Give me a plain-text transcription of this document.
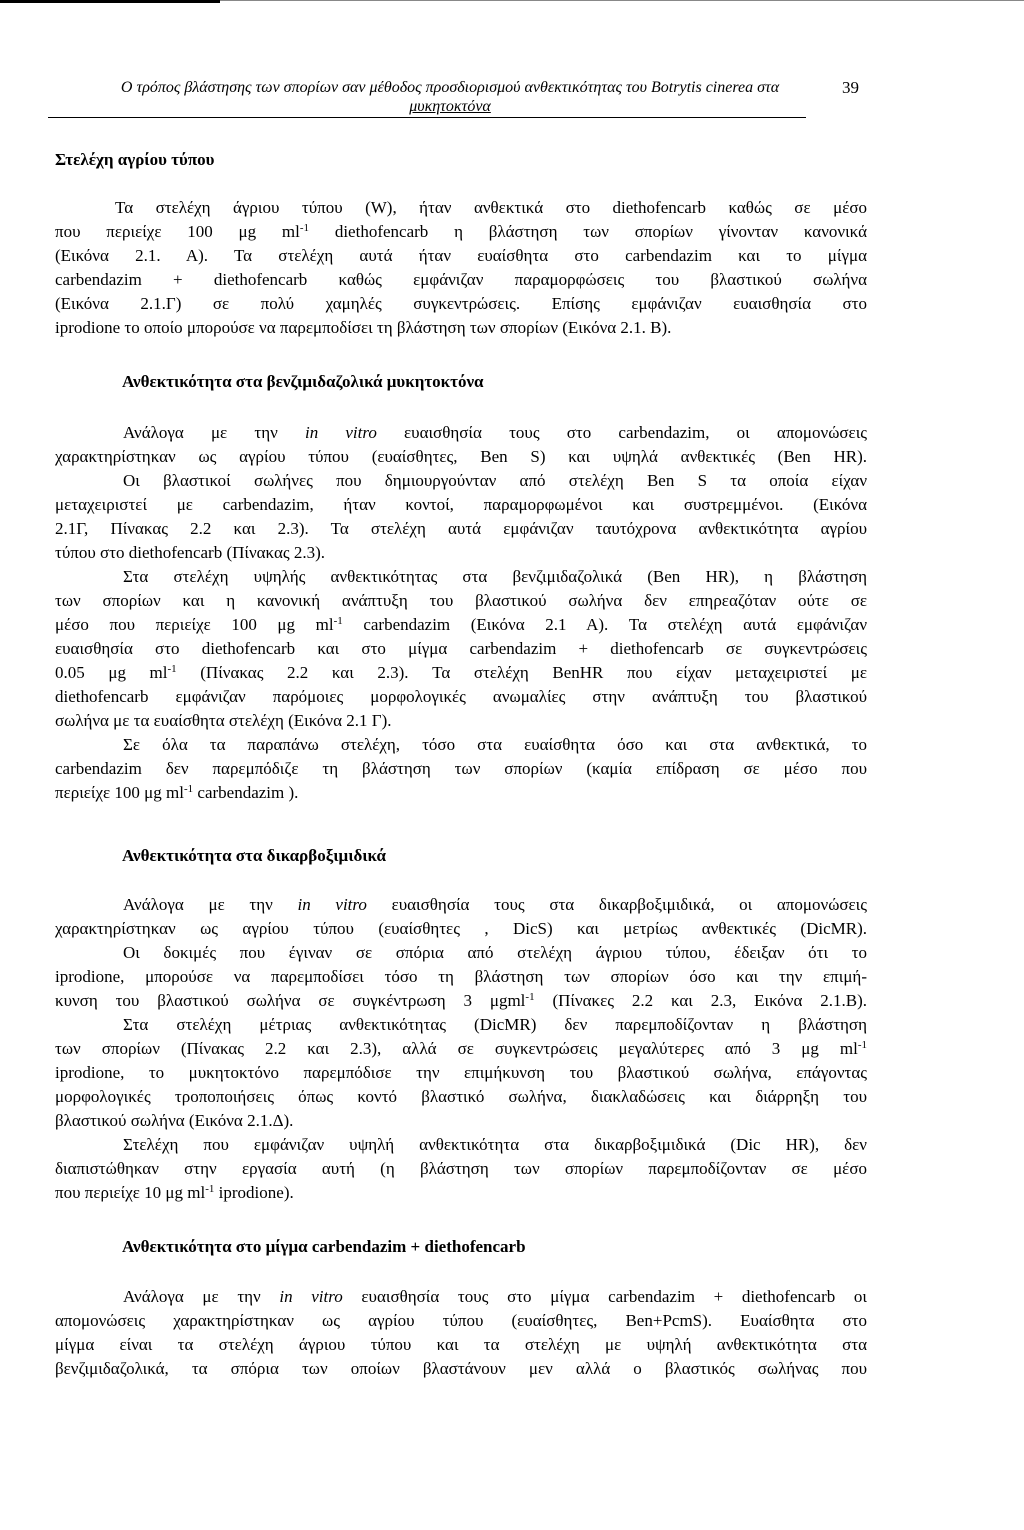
Ο τρόπος βλάστησης των σπορίων σαν μέθοδος προσδιορισμού ανθεκτικότητας του Botrytis cinerea στα
μυκητοκτόνα
39
Στελέχη αγρίου τύπου
Τα στελέχη άγριου τύπου (W), ήταν ανθεκτικά στο diethofencarb καθώς σε μέσο
που περιείχε 100 μg $ml^{-1}$ diethofencarb η βλάστηση των σπορίων γίνονταν κανονικά
(Εικόνα 2.1. Α). Τα στελέχη αυτά ήταν ευαίσθητα στο carbendazim και το μίγμα
carbendazim + diethofencarb καθώς εμφάνιζαν παραμορφώσεις του βλαστικού σωλήνα
(Εικόνα 2.1.Γ) σε πολύ χαμηλές συγκεντρώσεις. Επίσης εμφάνιζαν ευαισθησία στο
iprodione το οποίο μπορούσε να παρεμποδίσει τη βλάστηση των σπορίων (Εικόνα 2.1. Β).
Ανθεκτικότητα στα βενζιμιδαζολικά μυκητοκτόνα
Ανάλογα με την in vitro ευαισθησία τους στο carbendazim, οι απομονώσεις
χαρακτηρίστηκαν ως αγρίου τύπου (ευαίσθητες, Ben S) και υψηλά ανθεκτικές (Ben HR).
Οι βλαστικοί σωλήνες που δημιουργούνταν από στελέχη Ben S τα οποία είχαν
μεταχειριστεί με carbendazim, ήταν κοντοί, παραμορφωμένοι και συστρεμμένοι. (Εικόνα
2.1Γ, Πίνακας 2.2 και 2.3). Τα στελέχη αυτά εμφάνιζαν ταυτόχρονα ανθεκτικότητα αγρίου
τύπου στο diethofencarb (Πίνακας 2.3).
Στα στελέχη υψηλής ανθεκτικότητας στα βενζιμιδαζολικά (Ben HR), η βλάστηση
των σπορίων και η κανονική ανάπτυξη του βλαστικού σωλήνα δεν επηρεαζόταν ούτε σε
μέσο που περιείχε 100 μg $ml^{-1}$ carbendazim (Εικόνα 2.1 Α). Τα στελέχη αυτά εμφάνιζαν
ευαισθησία στο diethofencarb και στο μίγμα carbendazim + diethofencarb σε συγκεντρώσεις
0.05 μg $ml^{-1}$ (Πίνακας 2.2 και 2.3). Τα στελέχη BenHR που είχαν μεταχειριστεί με
diethofencarb εμφάνιζαν παρόμοιες μορφολογικές ανωμαλίες στην ανάπτυξη του βλαστικού
σωλήνα με τα ευαίσθητα στελέχη (Εικόνα 2.1 Γ).
Σε όλα τα παραπάνω στελέχη, τόσο στα ευαίσθητα όσο και στα ανθεκτικά, το
carbendazim δεν παρεμπόδιζε τη βλάστηση των σπορίων (καμία επίδραση σε μέσο που
περιείχε 100 μg $ml^{-1}$ carbendazim ).
Ανθεκτικότητα στα δικαρβοξιμιδικά
Ανάλογα με την in vitro ευαισθησία τους στα δικαρβοξιμιδικά, οι απομονώσεις
χαρακτηρίστηκαν ως αγρίου τύπου (ευαίσθητες , DicS) και μετρίως ανθεκτικές (DicMR).
Οι δοκιμές που έγιναν σε σπόρια από στελέχη άγριου τύπου, έδειξαν ότι το
iprodione, μπορούσε να παρεμποδίσει τόσο τη βλάστηση των σπορίων όσο και την επιμή-
κυνση του βλαστικού σωλήνα σε συγκέντρωση 3 μgml$^{-1}$ (Πίνακες 2.2 και 2.3, Εικόνα 2.1.Β).
Στα στελέχη μέτριας ανθεκτικότητας (DicMR) δεν παρεμποδίζονταν η βλάστηση
των σπορίων (Πίνακας 2.2 και 2.3), αλλά σε συγκεντρώσεις μεγαλύτερες από 3 μg $ml^{-1}$
iprodione, το μυκητοκτόνο παρεμπόδισε την επιμήκυνση του βλαστικού σωλήνα, επάγοντας
μορφολογικές τροποποιήσεις όπως κοντό βλαστικό σωλήνα, διακλαδώσεις και διάρρηξη του
βλαστικού σωλήνα (Εικόνα 2.1.Δ).
Στελέχη που εμφάνιζαν υψηλή ανθεκτικότητα στα δικαρβοξιμιδικά (Dic HR), δεν
διαπιστώθηκαν στην εργασία αυτή (η βλάστηση των σπορίων παρεμποδίζονταν σε μέσο
που περιείχε 10 μg $ml^{-1}$ iprodione).
Ανθεκτικότητα στο μίγμα carbendazim + diethofencarb
Ανάλογα με την in vitro ευαισθησία τους στο μίγμα carbendazim + diethofencarb οι
απομονώσεις χαρακτηρίστηκαν ως αγρίου τύπου (ευαίσθητες, Ben+PcmS). Ευαίσθητα στο
μίγμα είναι τα στελέχη άγριου τύπου και τα στελέχη με υψηλή ανθεκτικότητα στα
βενζιμιδαζολικά, τα σπόρια των οποίων βλαστάνουν μεν αλλά ο βλαστικός σωλήνας που
